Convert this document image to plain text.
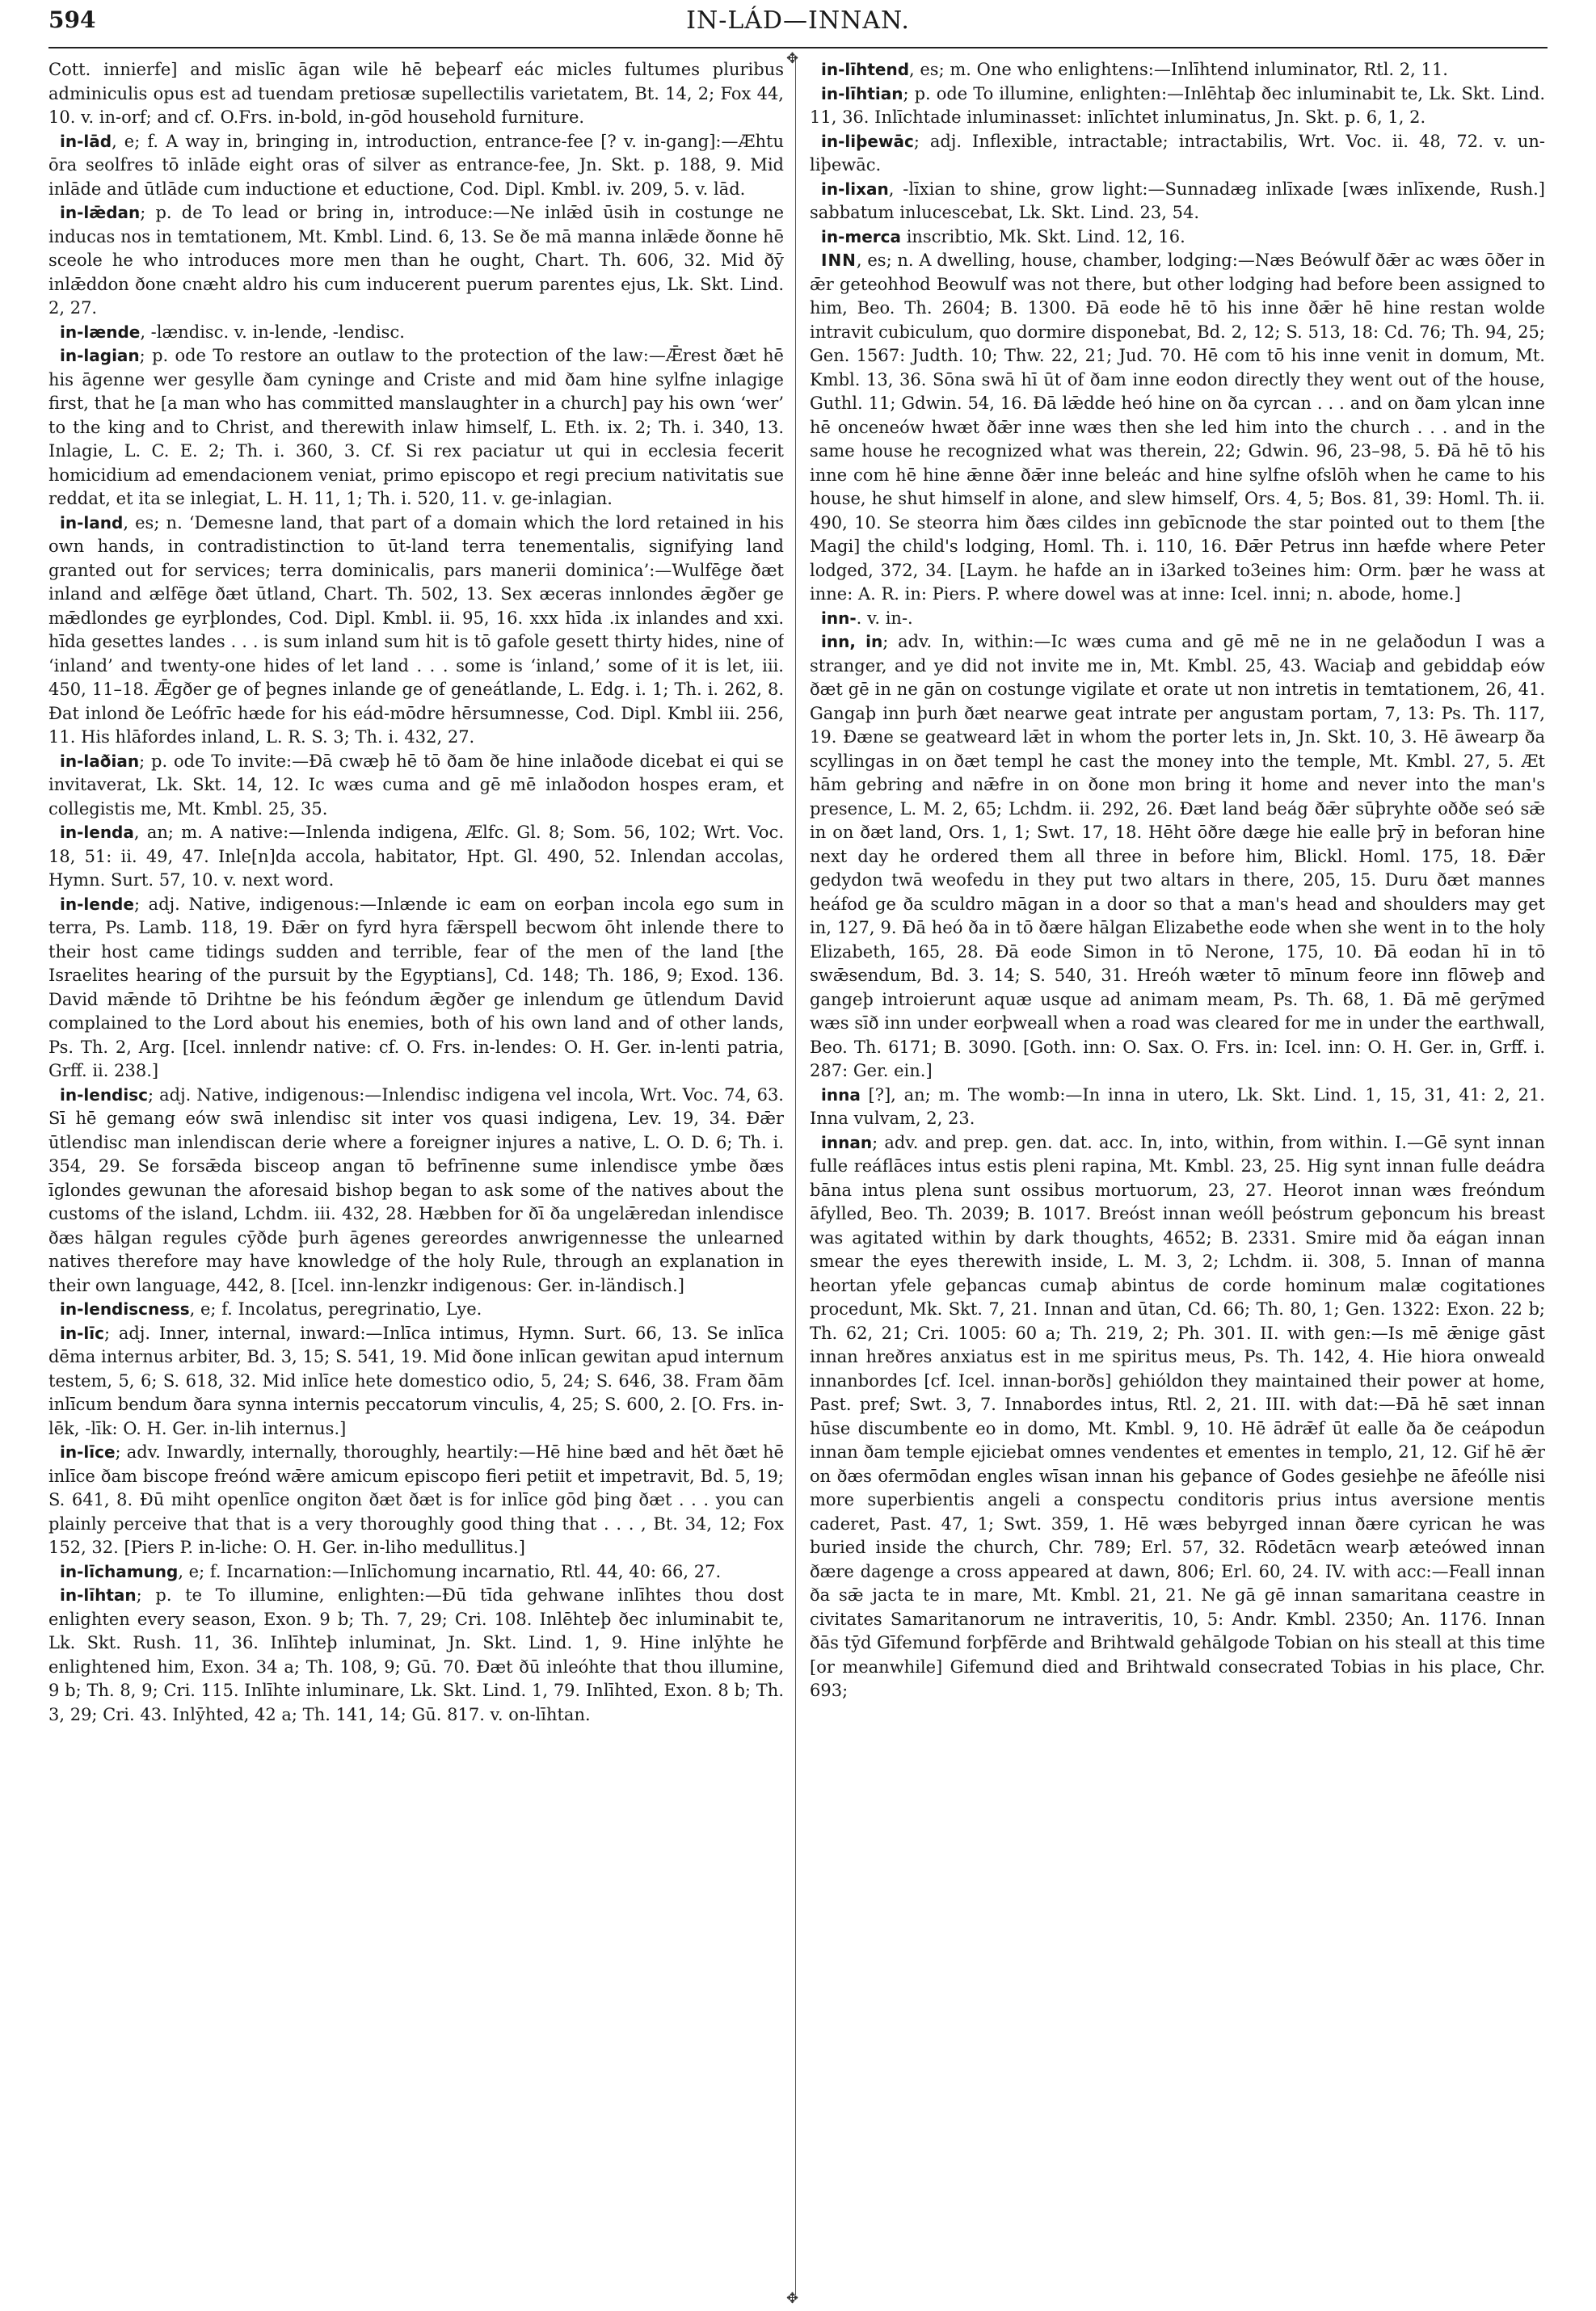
594	IN-LÁD—INNAN.

Cott. innierfe] and mislīc āgan wile hē beþearf eác micles fultumes pluribus adminiculis opus est ad tuendam pretiosæ supellectilis varietatem, Bt. 14, 2; Fox 44, 10. v. in-orf; and cf. O.Frs. in-bold, in-gōd household furniture.

in-lād, e; f. A way in, bringing in, introduction, entrance-fee [? v. in-gang]:—Æhtu ōra seolfres tō inlāde eight oras of silver as entrance-fee, Jn. Skt. p. 188, 9. Mid inlāde and ūtlāde cum inductione et eductione, Cod. Dipl. Kmbl. iv. 209, 5. v. lād.

in-lǣdan; p. de To lead or bring in, introduce:—Ne inlǣd ūsih in costunge ne inducas nos in temtationem, Mt. Kmbl. Lind. 6, 13. Se ðe mā manna inlǣde ðonne hē sceole he who introduces more men than he ought, Chart. Th. 606, 32. Mid ðȳ inlǣddon ðone cnæht aldro his cum inducerent puerum parentes ejus, Lk. Skt. Lind. 2, 27.

in-lænde, -lændisc. v. in-lende, -lendisc.

in-lagian; p. ode To restore an outlaw to the protection of the law:—Ǣrest ðæt hē his āgenne wer gesylle ðam cyninge and Criste and mid ðam hine sylfne inlagige first, that he [a man who has committed manslaughter in a church] pay his own ‘wer’ to the king and to Christ, and therewith inlaw himself, L. Eth. ix. 2; Th. i. 340, 13. Inlagie, L. C. E. 2; Th. i. 360, 3. Cf. Si rex paciatur ut qui in ecclesia fecerit homicidium ad emendacionem veniat, primo episcopo et regi precium nativitatis sue reddat, et ita se inlegiat, L. H. 11, 1; Th. i. 520, 11. v. ge-inlagian.

in-land, es; n. ‘Demesne land, that part of a domain which the lord retained in his own hands, in contradistinction to ūt-land terra tenementalis, signifying land granted out for services; terra dominicalis, pars manerii dominica’:—Wulfēge ðæt inland and ælfēge ðæt ūtland, Chart. Th. 502, 13. Sex æceras innlondes ǣgðer ge mǣdlondes ge eyrþlondes, Cod. Dipl. Kmbl. ii. 95, 16. xxx hīda .ix inlandes and xxi. hīda gesettes landes . . . is sum inland sum hit is tō gafole gesett thirty hides, nine of ‘inland’ and twenty-one hides of let land . . . some is ‘inland,’ some of it is let, iii. 450, 11–18. Ǣgðer ge of þegnes inlande ge of geneátlande, L. Edg. i. 1; Th. i. 262, 8. Ðat inlond ðe Leófrīc hæde for his eád-mōdre hērsumnesse, Cod. Dipl. Kmbl iii. 256, 11. His hlāfordes inland, L. R. S. 3; Th. i. 432, 27.

in-laðian; p. ode To invite:—Ðā cwæþ hē tō ðam ðe hine inlaðode dicebat ei qui se invitaverat, Lk. Skt. 14, 12. Ic wæs cuma and gē mē inlaðodon hospes eram, et collegistis me, Mt. Kmbl. 25, 35.

in-lenda, an; m. A native:—Inlenda indigena, Ælfc. Gl. 8; Som. 56, 102; Wrt. Voc. 18, 51: ii. 49, 47. Inle[n]da accola, habitator, Hpt. Gl. 490, 52. Inlendan accolas, Hymn. Surt. 57, 10. v. next word.

in-lende; adj. Native, indigenous:—Inlænde ic eam on eorþan incola ego sum in terra, Ps. Lamb. 118, 19. Ðǣr on fyrd hyra fǣrspell becwom ōht inlende there to their host came tidings sudden and terrible, fear of the men of the land [the Israelites hearing of the pursuit by the Egyptians], Cd. 148; Th. 186, 9; Exod. 136. David mǣnde tō Drihtne be his feóndum ǣgðer ge inlendum ge ūtlendum David complained to the Lord about his enemies, both of his own land and of other lands, Ps. Th. 2, Arg. [Icel. innlendr native: cf. O. Frs. in-lendes: O. H. Ger. in-lenti patria, Grff. ii. 238.]

in-lendisc; adj. Native, indigenous:—Inlendisc indigena vel incola, Wrt. Voc. 74, 63. Sī hē gemang eów swā inlendisc sit inter vos quasi indigena, Lev. 19, 34. Ðǣr ūtlendisc man inlendiscan derie where a foreigner injures a native, L. O. D. 6; Th. i. 354, 29. Se forsǣda bisceop angan tō befrīnenne sume inlendisce ymbe ðæs īglondes gewunan the aforesaid bishop began to ask some of the natives about the customs of the island, Lchdm. iii. 432, 28. Hæbben for ðī ða ungelǣredan inlendisce ðæs hālgan regules cȳðde þurh āgenes gereordes anwrigennesse the unlearned natives therefore may have knowledge of the holy Rule, through an explanation in their own language, 442, 8. [Icel. inn-lenzkr indigenous: Ger. in-ländisch.]

in-lendiscness, e; f. Incolatus, peregrinatio, Lye.

in-līc; adj. Inner, internal, inward:—Inlīca intimus, Hymn. Surt. 66, 13. Se inlīca dēma internus arbiter, Bd. 3, 15; S. 541, 19. Mid ðone inlīcan gewitan apud internum testem, 5, 6; S. 618, 32. Mid inlīce hete domestico odio, 5, 24; S. 646, 38. Fram ðām inlīcum bendum ðara synna internis peccatorum vinculis, 4, 25; S. 600, 2. [O. Frs. in-lēk, -līk: O. H. Ger. in-lih internus.]

in-līce; adv. Inwardly, internally, thoroughly, heartily:—Hē hine bæd and hēt ðæt hē inlīce ðam biscope freónd wǣre amicum episcopo fieri petiit et impetravit, Bd. 5, 19; S. 641, 8. Ðū miht openlīce ongiton ðæt ðæt is for inlīce gōd þing ðæt . . . you can plainly perceive that that is a very thoroughly good thing that . . . , Bt. 34, 12; Fox 152, 32. [Piers P. in-liche: O. H. Ger. in-liho medullitus.]

in-līchamung, e; f. Incarnation:—Inlīchomung incarnatio, Rtl. 44, 40: 66, 27.

in-līhtan; p. te To illumine, enlighten:—Ðū tīda gehwane inlīhtes thou dost enlighten every season, Exon. 9 b; Th. 7, 29; Cri. 108. Inlēhteþ ðec inluminabit te, Lk. Skt. Rush. 11, 36. Inlīhteþ inluminat, Jn. Skt. Lind. 1, 9. Hine inlȳhte he enlightened him, Exon. 34 a; Th. 108, 9; Gū. 70. Ðæt ðū inleóhte that thou illumine, 9 b; Th. 8, 9; Cri. 115. Inlīhte inluminare, Lk. Skt. Lind. 1, 79. Inlīhted, Exon. 8 b; Th. 3, 29; Cri. 43. Inlȳhted, 42 a; Th. 141, 14; Gū. 817. v. on-līhtan.

✥
✥

in-līhtend, es; m. One who enlightens:—Inlīhtend inluminator, Rtl. 2, 11.

in-līhtian; p. ode To illumine, enlighten:—Inlēhtaþ ðec inluminabit te, Lk. Skt. Lind. 11, 36. Inlīchtade inluminasset: inlīchtet inluminatus, Jn. Skt. p. 6, 1, 2.

in-liþewāc; adj. Inflexible, intractable; intractabilis, Wrt. Voc. ii. 48, 72. v. un-liþewāc.

in-lixan, -līxian to shine, grow light:—Sunnadæg inlīxade [wæs inlīxende, Rush.] sabbatum inlucescebat, Lk. Skt. Lind. 23, 54.

in-merca inscribtio, Mk. Skt. Lind. 12, 16.

INN, es; n. A dwelling, house, chamber, lodging:—Næs Beówulf ðǣr ac wæs ōðer in ǣr geteohhod Beowulf was not there, but other lodging had before been assigned to him, Beo. Th. 2604; B. 1300. Ðā eode hē tō his inne ðǣr hē hine restan wolde intravit cubiculum, quo dormire disponebat, Bd. 2, 12; S. 513, 18: Cd. 76; Th. 94, 25; Gen. 1567: Judth. 10; Thw. 22, 21; Jud. 70. Hē com tō his inne venit in domum, Mt. Kmbl. 13, 36. Sōna swā hī ūt of ðam inne eodon directly they went out of the house, Guthl. 11; Gdwin. 54, 16. Ðā lǣdde heó hine on ða cyrcan . . . and on ðam ylcan inne hē onceneów hwæt ðǣr inne wæs then she led him into the church . . . and in the same house he recognized what was therein, 22; Gdwin. 96, 23–98, 5. Ðā hē tō his inne com hē hine ǣnne ðǣr inne beleác and hine sylfne ofslōh when he came to his house, he shut himself in alone, and slew himself, Ors. 4, 5; Bos. 81, 39: Homl. Th. ii. 490, 10. Se steorra him ðæs cildes inn gebīcnode the star pointed out to them [the Magi] the child's lodging, Homl. Th. i. 110, 16. Ðǣr Petrus inn hæfde where Peter lodged, 372, 34. [Laym. he hafde an in i3arked to3eines him: Orm. þær he wass at inne: A. R. in: Piers. P. where dowel was at inne: Icel. inni; n. abode, home.]

inn-. v. in-.

inn, in; adv. In, within:—Ic wæs cuma and gē mē ne in ne gelaðodun I was a stranger, and ye did not invite me in, Mt. Kmbl. 25, 43. Waciaþ and gebiddaþ eów ðæt gē in ne gān on costunge vigilate et orate ut non intretis in temtationem, 26, 41. Gangaþ inn þurh ðæt nearwe geat intrate per angustam portam, 7, 13: Ps. Th. 117, 19. Ðæne se geatweard lǣt in whom the porter lets in, Jn. Skt. 10, 3. Hē āwearp ða scyllingas in on ðæt templ he cast the money into the temple, Mt. Kmbl. 27, 5. Æt hām gebring and nǣfre in on ðone mon bring it home and never into the man's presence, L. M. 2, 65; Lchdm. ii. 292, 26. Ðæt land beág ðǣr sūþryhte oððe seó sǣ in on ðæt land, Ors. 1, 1; Swt. 17, 18. Hēht ōðre dæge hie ealle þrȳ in beforan hine next day he ordered them all three in before him, Blickl. Homl. 175, 18. Ðǣr gedydon twā weofedu in they put two altars in there, 205, 15. Duru ðæt mannes heáfod ge ða sculdro māgan in a door so that a man's head and shoulders may get in, 127, 9. Ðā heó ða in tō ðære hālgan Elizabethe eode when she went in to the holy Elizabeth, 165, 28. Ðā eode Simon in tō Nerone, 175, 10. Ðā eodan hī in tō swǣsendum, Bd. 3. 14; S. 540, 31. Hreóh wæter tō mīnum feore inn flōweþ and gangeþ introierunt aquæ usque ad animam meam, Ps. Th. 68, 1. Ðā mē gerȳmed wæs sīð inn under eorþweall when a road was cleared for me in under the earthwall, Beo. Th. 6171; B. 3090. [Goth. inn: O. Sax. O. Frs. in: Icel. inn: O. H. Ger. in, Grff. i. 287: Ger. ein.]

inna [?], an; m. The womb:—In inna in utero, Lk. Skt. Lind. 1, 15, 31, 41: 2, 21. Inna vulvam, 2, 23.

innan; adv. and prep. gen. dat. acc. In, into, within, from within. I.—Gē synt innan fulle reáflāces intus estis pleni rapina, Mt. Kmbl. 23, 25. Hig synt innan fulle deádra bāna intus plena sunt ossibus mortuorum, 23, 27. Heorot innan wæs freóndum āfylled, Beo. Th. 2039; B. 1017. Breóst innan weóll þeóstrum geþoncum his breast was agitated within by dark thoughts, 4652; B. 2331. Smire mid ða eágan innan smear the eyes therewith inside, L. M. 3, 2; Lchdm. ii. 308, 5. Innan of manna heortan yfele geþancas cumaþ abintus de corde hominum malæ cogitationes procedunt, Mk. Skt. 7, 21. Innan and ūtan, Cd. 66; Th. 80, 1; Gen. 1322: Exon. 22 b; Th. 62, 21; Cri. 1005: 60 a; Th. 219, 2; Ph. 301. II. with gen:—Is mē ǣnige gāst innan hreðres anxiatus est in me spiritus meus, Ps. Th. 142, 4. Hie hiora onweald innanbordes [cf. Icel. innan-borðs] gehióldon they maintained their power at home, Past. pref; Swt. 3, 7. Innabordes intus, Rtl. 2, 21. III. with dat:—Ðā hē sæt innan hūse discumbente eo in domo, Mt. Kmbl. 9, 10. Hē ādrǣf ūt ealle ða ðe ceápodun innan ðam temple ejiciebat omnes vendentes et ementes in templo, 21, 12. Gif hē ǣr on ðæs ofermōdan engles wīsan innan his geþance of Godes gesiehþe ne āfeólle nisi more superbientis angeli a conspectu conditoris prius intus aversione mentis caderet, Past. 47, 1; Swt. 359, 1. Hē wæs bebyrged innan ðære cyrican he was buried inside the church, Chr. 789; Erl. 57, 32. Rōdetācn wearþ æteówed innan ðære dagenge a cross appeared at dawn, 806; Erl. 60, 24. IV. with acc:—Feall innan ða sǣ jacta te in mare, Mt. Kmbl. 21, 21. Ne gā gē innan samaritana ceastre in civitates Samaritanorum ne intraveritis, 10, 5: Andr. Kmbl. 2350; An. 1176. Innan ðās tȳd Gīfemund forþfērde and Brihtwald gehālgode Tobian on his steall at this time [or meanwhile] Gifemund died and Brihtwald consecrated Tobias in his place, Chr. 693;
